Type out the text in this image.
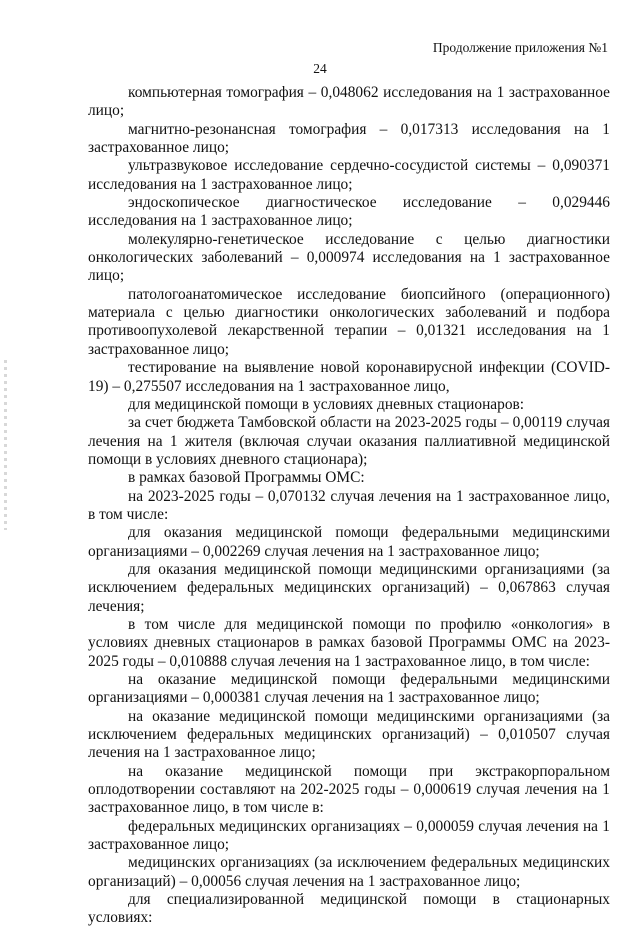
Продолжение приложения №1
24

компьютерная томография – 0,048062 исследования на 1 застрахованное лицо;

магнитно-резонансная томография – 0,017313 исследования на 1 застрахованное лицо;

ультразвуковое исследование сердечно-сосудистой системы – 0,090371 исследования на 1 застрахованное лицо;

эндоскопическое диагностическое исследование – 0,029446 исследования на 1 застрахованное лицо;

молекулярно-генетическое исследование с целью диагностики онкологических заболеваний – 0,000974 исследования на 1 застрахованное лицо;

патологоанатомическое исследование биопсийного (операционного) материала с целью диагностики онкологических заболеваний и подбора противоопухолевой лекарственной терапии – 0,01321 исследования на 1 застрахованное лицо;

тестирование на выявление новой коронавирусной инфекции (COVID-19) – 0,275507 исследования на 1 застрахованное лицо,

для медицинской помощи в условиях дневных стационаров:

за счет бюджета Тамбовской области на 2023-2025 годы – 0,00119 случая лечения на 1 жителя (включая случаи оказания паллиативной медицинской помощи в условиях дневного стационара);

в рамках базовой Программы ОМС:

на 2023-2025 годы – 0,070132 случая лечения на 1 застрахованное лицо, в том числе:

для оказания медицинской помощи федеральными медицинскими организациями – 0,002269 случая лечения на 1 застрахованное лицо;

для оказания медицинской помощи медицинскими организациями (за исключением федеральных медицинских организаций) – 0,067863 случая лечения;

в том числе для медицинской помощи по профилю «онкология» в условиях дневных стационаров в рамках базовой Программы ОМС на 2023-2025 годы – 0,010888 случая лечения на 1 застрахованное лицо, в том числе:

на оказание медицинской помощи федеральными медицинскими организациями – 0,000381 случая лечения на 1 застрахованное лицо;

на оказание медицинской помощи медицинскими организациями (за исключением федеральных медицинских организаций) – 0,010507 случая лечения на 1 застрахованное лицо;

на оказание медицинской помощи при экстракорпоральном оплодотворении составляют на 202-2025 годы – 0,000619 случая лечения на 1 застрахованное лицо, в том числе в:

федеральных медицинских организациях – 0,000059 случая лечения на 1 застрахованное лицо;

медицинских организациях (за исключением федеральных медицинских организаций) – 0,00056 случая лечения на 1 застрахованное лицо;

для специализированной медицинской помощи в стационарных условиях:
